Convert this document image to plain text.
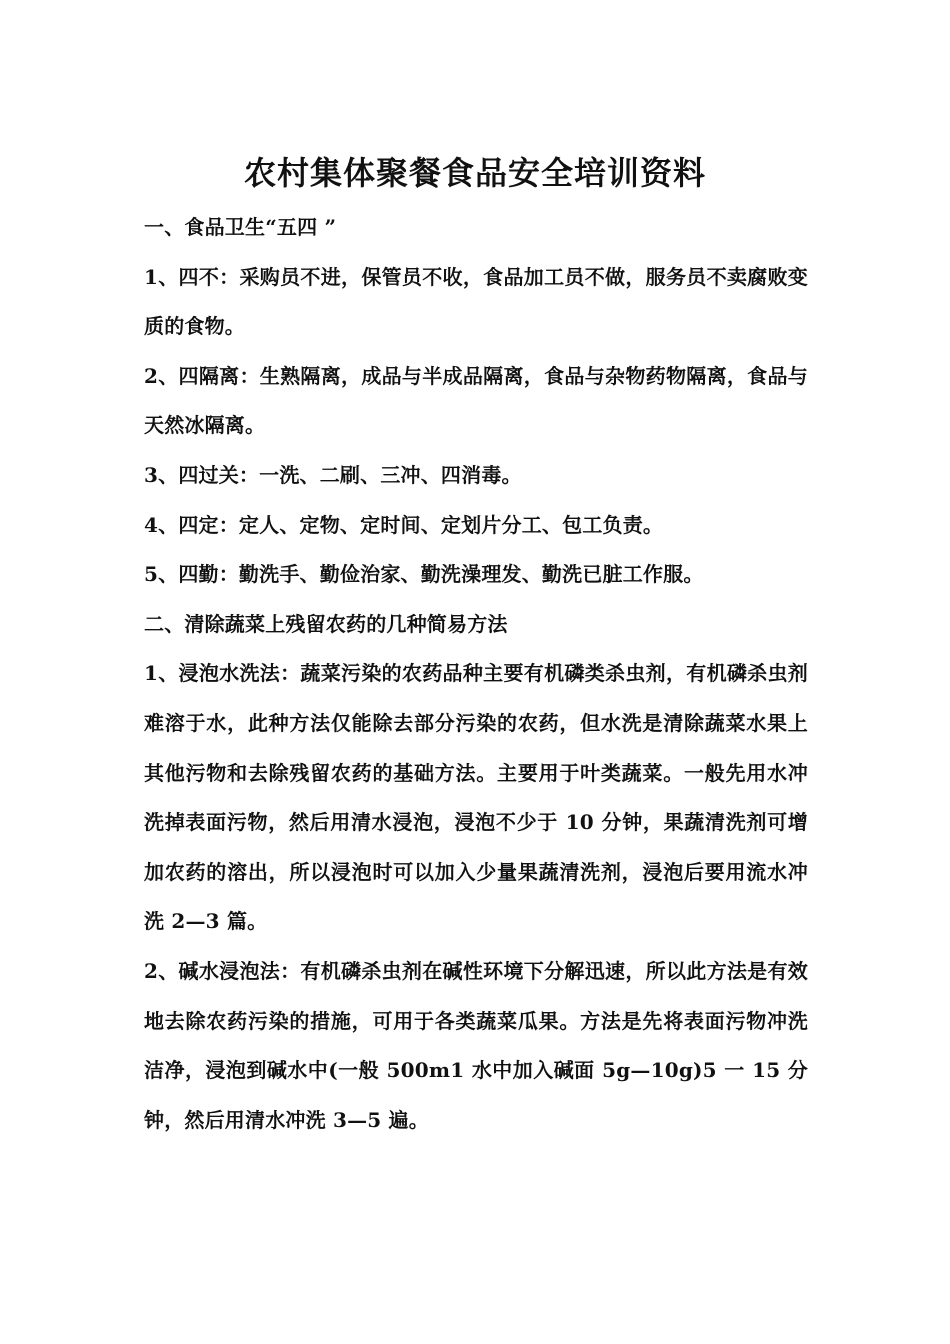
农村集体聚餐食品安全培训资料

一、食品卫生“五四 ”

1、四不：采购员不进，保管员不收，食品加工员不做，服务员不卖腐败变质的食物。

2、四隔离：生熟隔离，成品与半成品隔离，食品与杂物药物隔离，食品与天然冰隔离。

3、四过关：一洗、二刷、三冲、四消毒。

4、四定：定人、定物、定时间、定划片分工、包工负责。

5、四勤：勤洗手、勤俭治家、勤洗澡理发、勤洗已脏工作服。

二、清除蔬菜上残留农药的几种简易方法

1、浸泡水洗法：蔬菜污染的农药品种主要有机磷类杀虫剂，有机磷杀虫剂难溶于水，此种方法仅能除去部分污染的农药，但水洗是清除蔬菜水果上其他污物和去除残留农药的基础方法。主要用于叶类蔬菜。一般先用水冲洗掉表面污物，然后用清水浸泡，浸泡不少于 10 分钟，果蔬清洗剂可增加农药的溶出，所以浸泡时可以加入少量果蔬清洗剂，浸泡后要用流水冲洗 2—3 篇。

2、碱水浸泡法：有机磷杀虫剂在碱性环境下分解迅速，所以此方法是有效地去除农药污染的措施，可用于各类蔬菜瓜果。方法是先将表面污物冲洗洁净，浸泡到碱水中(一般 500m1 水中加入碱面 5g—10g)5 一 15 分钟，然后用清水冲洗 3—5 遍。
